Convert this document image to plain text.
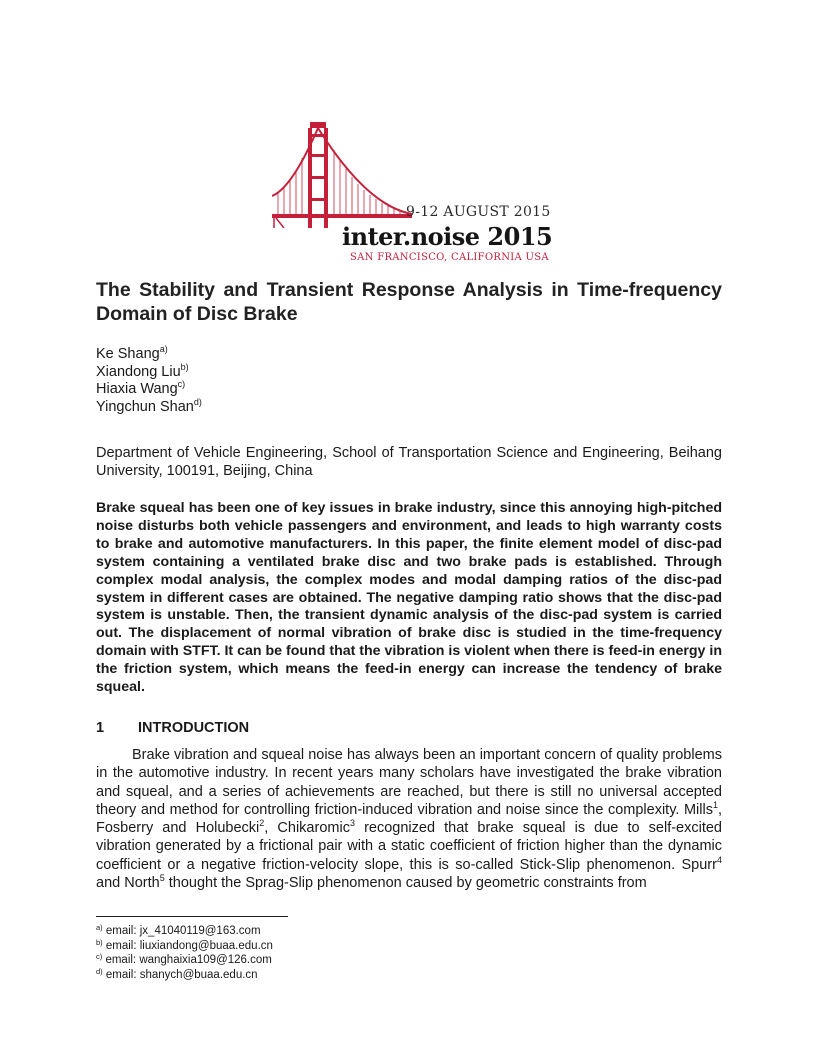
9-12 AUGUST 2015
inter.noise 2015
SAN FRANCISCO, CALIFORNIA USA
The Stability and Transient Response Analysis in Time-frequency
Domain of Disc Brake
Ke Shang$^{a)}$
Xiandong Liu$^{b)}$
Hiaxia Wang$^{c)}$
Yingchun Shan$^{d)}$
Department of Vehicle Engineering, School of Transportation Science and Engineering, Beihang University, 100191, Beijing, China
Brake squeal has been one of key issues in brake industry, since this annoying high-pitched noise disturbs both vehicle passengers and environment, and leads to high warranty costs to brake and automotive manufacturers. In this paper, the finite element model of disc-pad system containing a ventilated brake disc and two brake pads is established. Through complex modal analysis, the complex modes and modal damping ratios of the disc-pad system in different cases are obtained. The negative damping ratio shows that the disc-pad system is unstable. Then, the transient dynamic analysis of the disc-pad system is carried out. The displacement of normal vibration of brake disc is studied in the time-frequency domain with STFT. It can be found that the vibration is violent when there is feed-in energy in the friction system, which means the feed-in energy can increase the tendency of brake squeal.
1 INTRODUCTION
Brake vibration and squeal noise has always been an important concern of quality problems in the automotive industry. In recent years many scholars have investigated the brake vibration and squeal, and a series of achievements are reached, but there is still no universal accepted theory and method for controlling friction-induced vibration and noise since the complexity. Mills$^1$, Fosberry and Holubecki$^2$, Chikaromic$^3$ recognized that brake squeal is due to self-excited vibration generated by a frictional pair with a static coefficient of friction higher than the dynamic coefficient or a negative friction-velocity slope, this is so-called Stick-Slip phenomenon. Spurr$^4$ and North$^5$ thought the Sprag-Slip phenomenon caused by geometric constraints from
$^{a)}$ email: jx_41040119@163.com
$^{b)}$ email: liuxiandong@buaa.edu.cn
$^{c)}$ email: wanghaixia109@126.com
$^{d)}$ email: shanych@buaa.edu.cn
